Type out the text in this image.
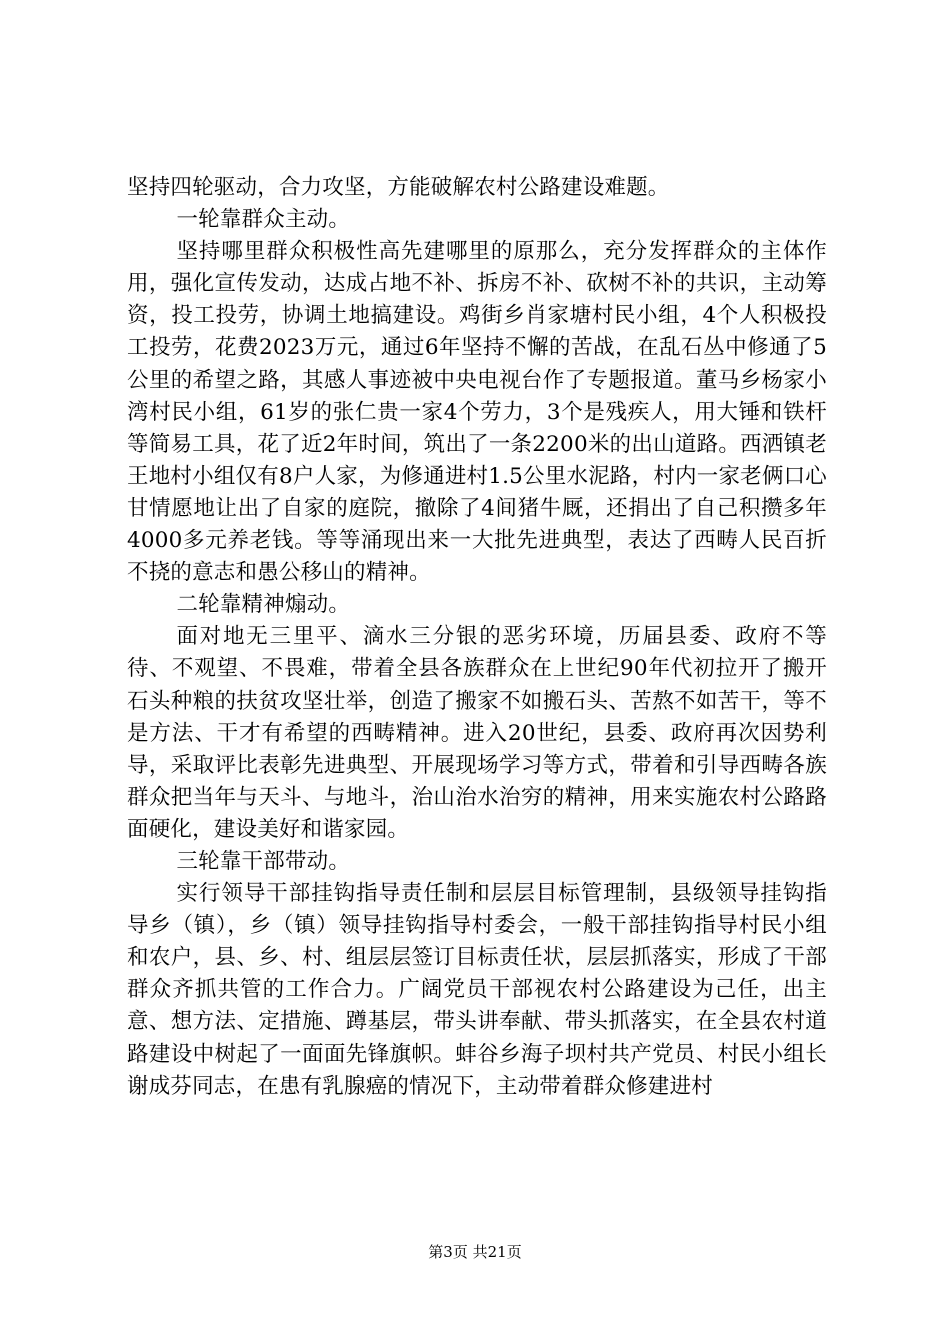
坚持四轮驱动，合力攻坚，方能破解农村公路建设难题。

一轮靠群众主动。

坚持哪里群众积极性高先建哪里的原那么，充分发挥群众的主体作用，强化宣传发动，达成占地不补、拆房不补、砍树不补的共识，主动筹资，投工投劳，协调土地搞建设。鸡街乡肖家塘村民小组，4个人积极投工投劳，花费2023万元，通过6年坚持不懈的苦战，在乱石丛中修通了5公里的希望之路，其感人事迹被中央电视台作了专题报道。董马乡杨家小湾村民小组，61岁的张仁贵一家4个劳力，3个是残疾人，用大锤和铁杆等简易工具，花了近2年时间，筑出了一条2200米的出山道路。西洒镇老王地村小组仅有8户人家，为修通进村1.5公里水泥路，村内一家老俩口心甘情愿地让出了自家的庭院，撤除了4间猪牛厩，还捐出了自己积攒多年4000多元养老钱。等等涌现出来一大批先进典型，表达了西畴人民百折不挠的意志和愚公移山的精神。

二轮靠精神煽动。

面对地无三里平、滴水三分银的恶劣环境，历届县委、政府不等待、不观望、不畏难，带着全县各族群众在上世纪90年代初拉开了搬开石头种粮的扶贫攻坚壮举，创造了搬家不如搬石头、苦熬不如苦干，等不是方法、干才有希望的西畴精神。进入20世纪，县委、政府再次因势利导，采取评比表彰先进典型、开展现场学习等方式，带着和引导西畴各族群众把当年与天斗、与地斗，治山治水治穷的精神，用来实施农村公路路面硬化，建设美好和谐家园。

三轮靠干部带动。

实行领导干部挂钩指导责任制和层层目标管理制，县级领导挂钩指导乡（镇），乡（镇）领导挂钩指导村委会，一般干部挂钩指导村民小组和农户，县、乡、村、组层层签订目标责任状，层层抓落实，形成了干部群众齐抓共管的工作合力。广阔党员干部视农村公路建设为己任，出主意、想方法、定措施、蹲基层，带头讲奉献、带头抓落实，在全县农村道路建设中树起了一面面先锋旗帜。蚌谷乡海子坝村共产党员、村民小组长谢成芬同志，在患有乳腺癌的情况下，主动带着群众修建进村

第3页 共21页
